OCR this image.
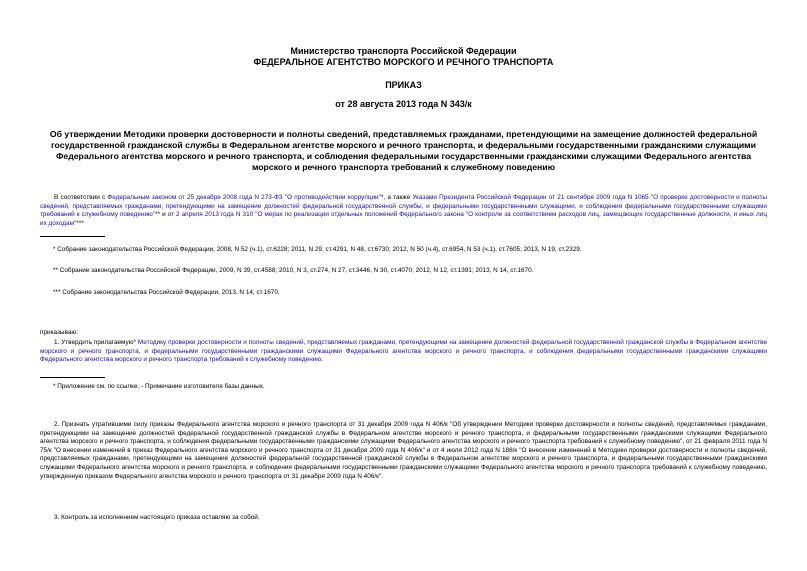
Министерство транспорта Российской Федерации
ФЕДЕРАЛЬНОЕ АГЕНТСТВО МОРСКОГО И РЕЧНОГО ТРАНСПОРТА
ПРИКАЗ
от 28 августа 2013 года N 343/к
Об утверждении Методики проверки достоверности и полноты сведений, представляемых гражданами, претендующими на замещение должностей федеральной государственной гражданской службы в Федеральном агентстве морского и речного транспорта, и федеральными государственными гражданскими служащими Федерального агентства морского и речного транспорта, и соблюдения федеральными государственными гражданскими служащими Федерального агентства морского и речного транспорта требований к служебному поведению
В соответствии с Федеральным законом от 25 декабря 2008 года N 273-ФЗ "О противодействии коррупции"*, а также Указами Президента Российской Федерации от 21 сентября 2009 года N 1065 "О проверке достоверности и полноты сведений, представляемых гражданами, претендующими на замещение должностей федеральной государственной службы, и федеральными государственными служащими, и соблюдения федеральными государственными служащими требований к служебному поведению"** и от 2 апреля 2013 года N 310 "О мерах по реализации отдельных положений Федерального закона "О контроле за соответствием расходов лиц, замещающих государственные должности, и иных лиц их доходам"***
* Собрание законодательства Российской Федерации, 2008, N 52 (ч.1), ст.6228; 2011, N 29, ст.4291, N 48, ст.6730; 2012, N 50 (ч.4), ст.6954, N 53 (ч.1), ст.7605; 2013, N 19, ст.2329.
** Собрание законодательства Российской Федерации, 2009, N 39, ст.4588; 2010, N 3, ст.274, N 27, ст.3446, N 30, ст.4070; 2012, N 12, ст.1391; 2013, N 14, ст.1670.
*** Собрание законодательства Российской Федерации, 2013, N 14, ст.1670.
приказываю:
1. Утвердить прилагаемую* Методику проверки достоверности и полноты сведений, представляемых гражданами, претендующими на замещение должностей федеральной государственной гражданской службы в Федеральном агентстве морского и речного транспорта, и федеральными государственными гражданскими служащими Федерального агентства морского и речного транспорта, и соблюдения федеральными государственными гражданскими служащими Федерального агентства морского и речного транспорта требований к служебному поведению.
* Приложение см. по ссылке. - Примечание изготовителя базы данных.
2. Признать утратившими силу приказы Федерального агентства морского и речного транспорта от 31 декабря 2009 года N 406/к "Об утверждении Методики проверки достоверности и полноты сведений, представляемых гражданами, претендующими на замещение должностей федеральной государственной гражданской службы в Федеральном агентстве морского и речного транспорта, и федеральными государственными гражданскими служащими Федерального агентства морского и речного транспорта, и соблюдения федеральными государственными гражданскими служащими Федерального агентства морского и речного транспорта требований к служебному поведению", от 21 февраля 2011 года N 75/к "О внесении изменений в приказ Федерального агентства морского и речного транспорта от 31 декабря 2009 года N 406/к" и от 4 июля 2012 года N 188/к "О внесении изменений в Методики проверки достоверности и полноты сведений, представляемых гражданами, претендующими на замещение должностей федеральной государственной гражданской службы в Федеральном агентстве морского и речного транспорта, и федеральными государственными гражданскими служащими Федерального агентства морского и речного транспорта, и соблюдения федеральными государственными гражданскими служащими Федерального агентства морского и речного транспорта требований к служебному поведению, утвержденную приказом Федерального агентства морского и речного транспорта от 31 декабря 2009 года N 406/к".
3. Контроль за исполнением настоящего приказа оставляю за собой.
